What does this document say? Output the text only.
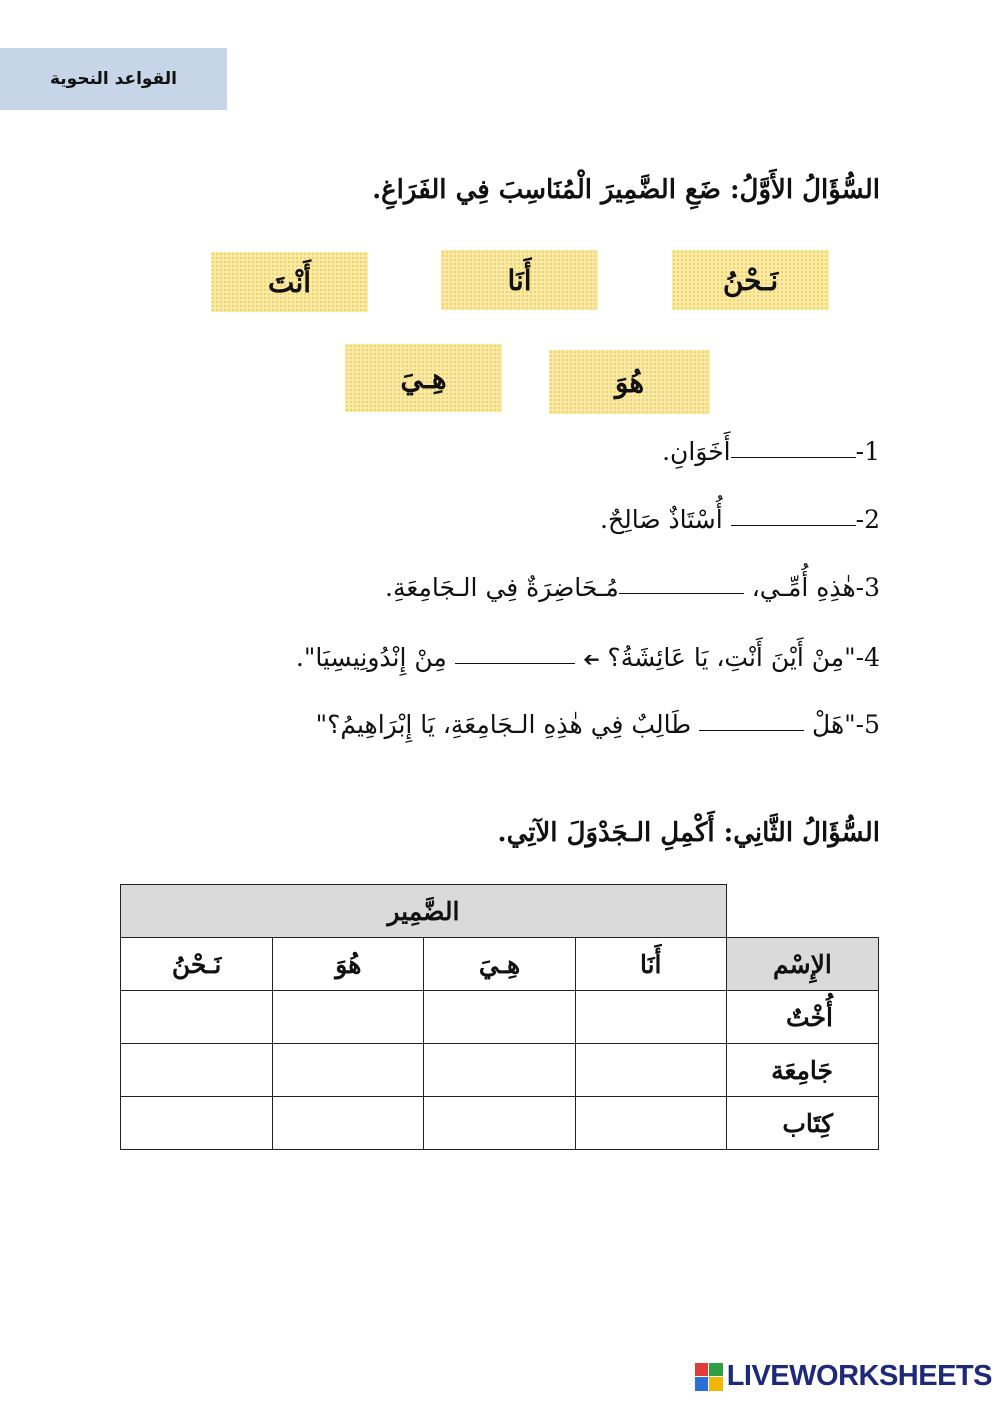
القواعد النحوية
السُّؤَالُ الأَوَّلُ: ضَعِ الضَّمِيرَ الْمُنَاسِبَ فِي الفَرَاغِ.
نَـحْنُ
أَنَا
أَنْتَ
هُوَ
هِـيَ
1-أَخَوَانِ.
2- أُسْتَاذٌ صَالِحٌ.
3-هٰذِهِ أُمِّـي، مُـحَاضِرَةٌ فِي الـجَامِعَةِ.
4-"مِنْ أَيْنَ أَنْتِ، يَا عَائِشَةُ؟ ➔  مِنْ إِنْدُونِيسِيَا".
5-"هَلْ  طَالِبٌ فِي هٰذِهِ الـجَامِعَةِ، يَا إِبْرَاهِيمُ؟"
السُّؤَالُ الثَّانِي: أَكْمِلِ الـجَدْوَلَ الآتِي.
	الضَّمِير			
الإِسْم	أَنَا	هِـيَ	هُوَ	نَـحْنُ
أُخْتٌ				
جَامِعَة				
كِتَاب				
LIVEWORKSHEETS
